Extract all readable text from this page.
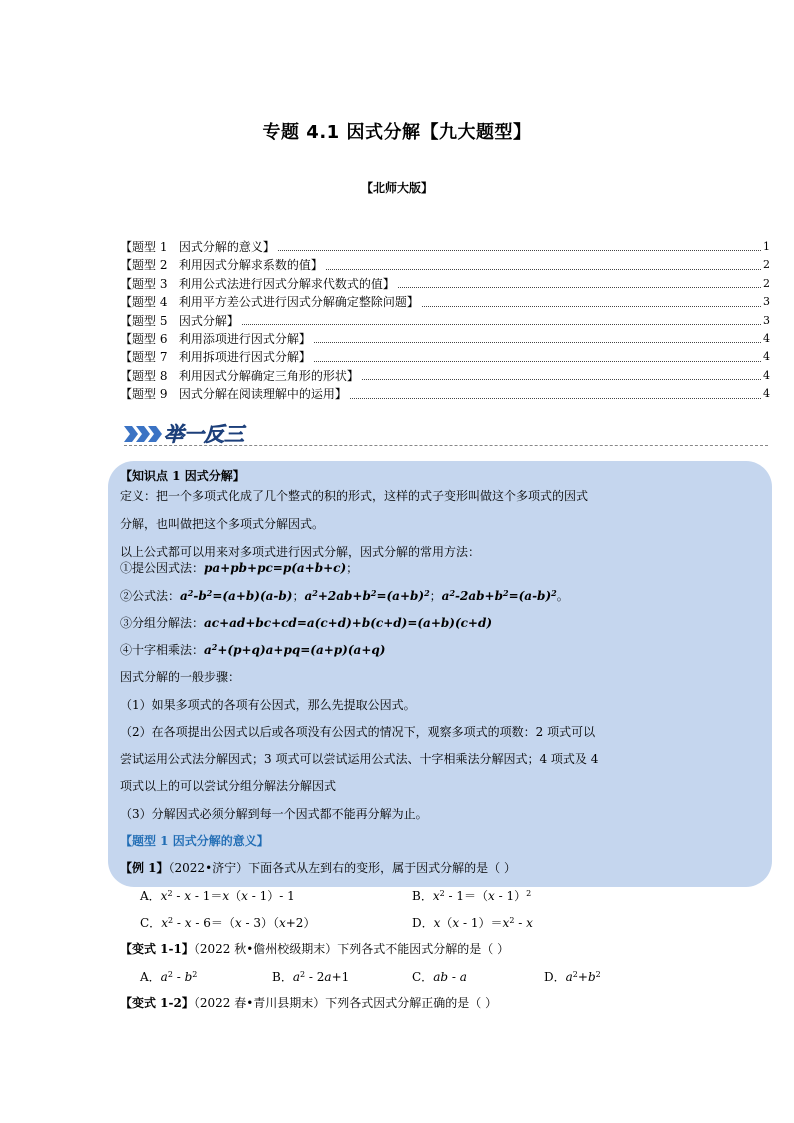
专题 4.1 因式分解【九大题型】
【北师大版】
【题型 1   因式分解的意义】	1
【题型 2   利用因式分解求系数的值】	2
【题型 3   利用公式法进行因式分解求代数式的值】	2
【题型 4   利用平方差公式进行因式分解确定整除问题】	3
【题型 5   因式分解】	3
【题型 6   利用添项进行因式分解】	4
【题型 7   利用拆项进行因式分解】	4
【题型 8   利用因式分解确定三角形的形状】	4
【题型 9   因式分解在阅读理解中的运用】	4
举一反三
【知识点 1 因式分解】
定义：把一个多项式化成了几个整式的积的形式，这样的式子变形叫做这个多项式的因式
分解，也叫做把这个多项式分解因式。
以上公式都可以用来对多项式进行因式分解，因式分解的常用方法：
①提公因式法：pa+pb+pc=p(a+b+c)；
②公式法：$a^2-b^2=(a+b)(a-b)$；$a^2+2ab+b^2=(a+b)^2$；$a^2-2ab+b^2=(a-b)^2$。
③分组分解法：ac+ad+bc+cd=a(c+d)+b(c+d)=(a+b)(c+d)
④十字相乘法：$a^2+(p+q)a+pq=(a+p)(a+q)$
因式分解的一般步骤：
（1）如果多项式的各项有公因式，那么先提取公因式。
（2）在各项提出公因式以后或各项没有公因式的情况下，观察多项式的项数：2 项式可以
尝试运用公式法分解因式；3 项式可以尝试运用公式法、十字相乘法分解因式；4 项式及 4
项式以上的可以尝试分组分解法分解因式
（3）分解因式必须分解到每一个因式都不能再分解为止。
【题型 1 因式分解的意义】
【例 1】（2022•济宁）下面各式从左到右的变形，属于因式分解的是（ ）
A．$x^2 - x - 1=x(x - 1)-$ 1	B．$x^2 - 1=(x - 1)^2$
C．$x^2 - x - 6=(x - 3)(x+2)$	D．$x(x - 1)=x^2 - x$
【变式 1-1】（2022 秋•儋州校级期末）下列各式不能因式分解的是（ ）
A．$a^2 - b^2$	B．$a^2 - 2a+1$	C．ab - a	D．$a^2+b^2$
【变式 1-2】（2022 春•青川县期末）下列各式因式分解正确的是（ ）
